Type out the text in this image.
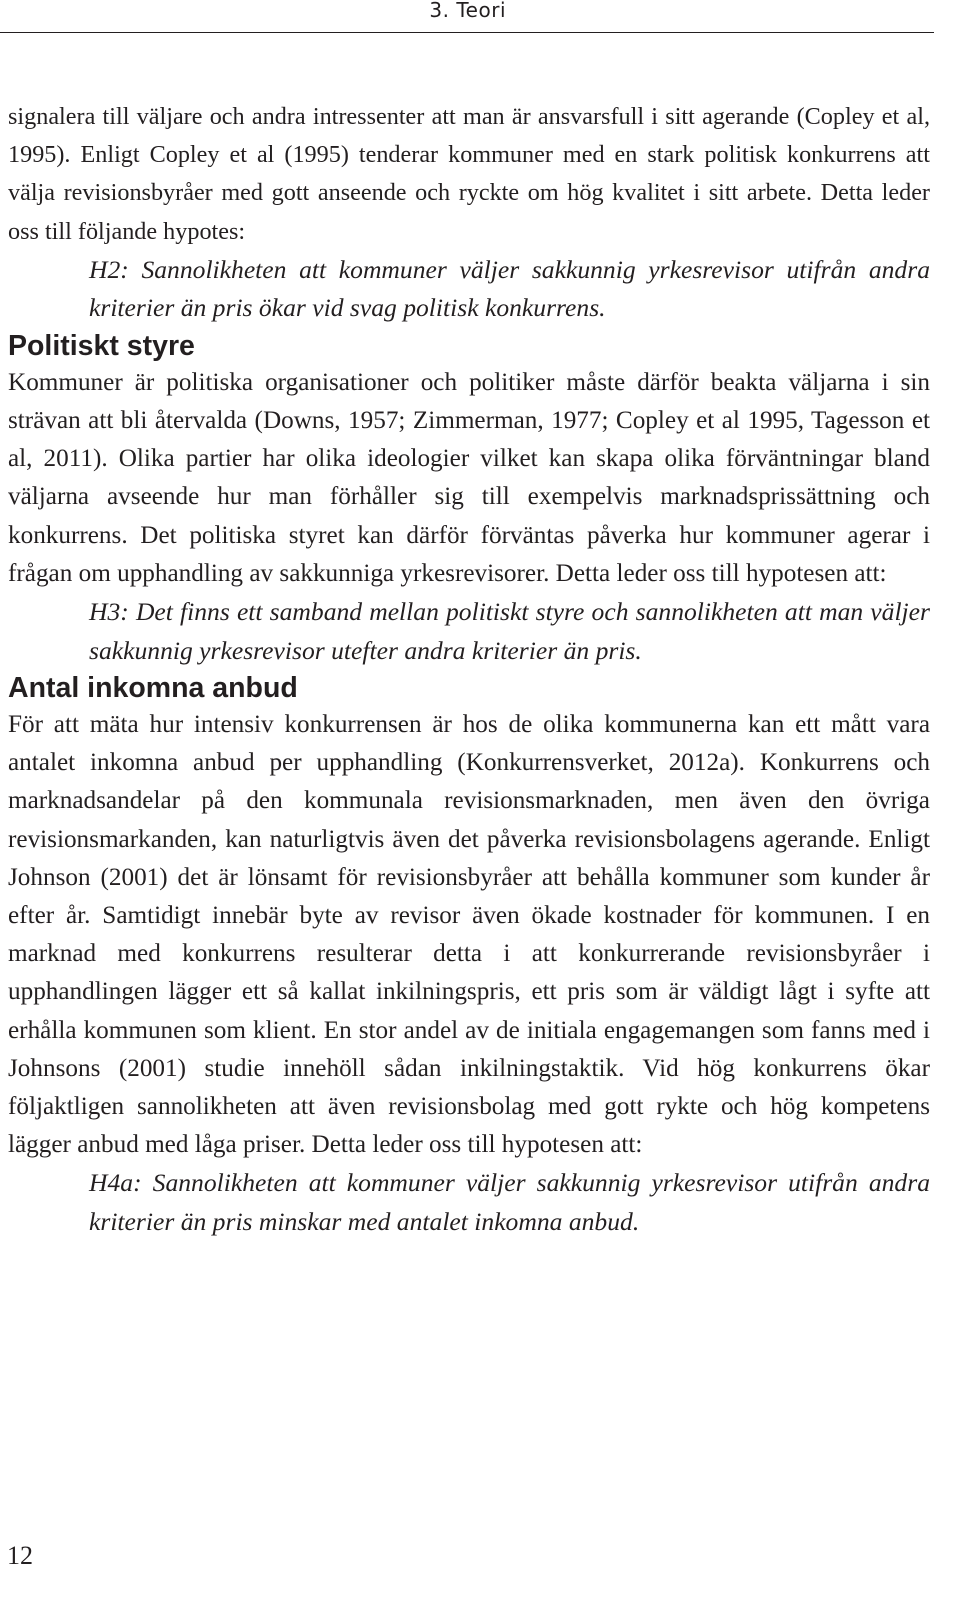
3. Teori

signalera till väljare och andra intressenter att man är ansvarsfull i sitt agerande (Copley et al, 1995). Enligt Copley et al (1995) tenderar kommuner med en stark politisk konkurrens att välja revisionsbyråer med gott anseende och ryckte om hög kvalitet i sitt arbete. Detta leder oss till följande hypotes:

H2: Sannolikheten att kommuner väljer sakkunnig yrkesrevisor utifrån andra kriterier än pris ökar vid svag politisk konkurrens.

Politiskt styre

Kommuner är politiska organisationer och politiker måste därför beakta väljarna i sin strävan att bli återvalda (Downs, 1957; Zimmerman, 1977; Copley et al 1995, Tagesson et al, 2011). Olika partier har olika ideologier vilket kan skapa olika förväntningar bland väljarna avseende hur man förhåller sig till exempelvis marknadsprissättning och konkurrens. Det politiska styret kan därför förväntas påverka hur kommuner agerar i frågan om upphandling av sakkunniga yrkesrevisorer. Detta leder oss till hypotesen att:

H3: Det finns ett samband mellan politiskt styre och sannolikheten att man väljer sakkunnig yrkesrevisor utefter andra kriterier än pris.

Antal inkomna anbud

För att mäta hur intensiv konkurrensen är hos de olika kommunerna kan ett mått vara antalet inkomna anbud per upphandling (Konkurrensverket, 2012a). Konkurrens och marknadsandelar på den kommunala revisionsmarknaden, men även den övriga revisionsmarkanden, kan naturligtvis även det påverka revisionsbolagens agerande. Enligt Johnson (2001) det är lönsamt för revisionsbyråer att behålla kommuner som kunder år efter år. Samtidigt innebär byte av revisor även ökade kostnader för kommunen. I en marknad med konkurrens resulterar detta i att konkurrerande revisionsbyråer i upphandlingen lägger ett så kallat inkilningspris, ett pris som är väldigt lågt i syfte att erhålla kommunen som klient. En stor andel av de initiala engagemangen som fanns med i Johnsons (2001) studie innehöll sådan inkilningstaktik. Vid hög konkurrens ökar följaktligen sannolikheten att även revisionsbolag med gott rykte och hög kompetens lägger anbud med låga priser. Detta leder oss till hypotesen att:

H4a: Sannolikheten att kommuner väljer sakkunnig yrkesrevisor utifrån andra kriterier än pris minskar med antalet inkomna anbud.

12
